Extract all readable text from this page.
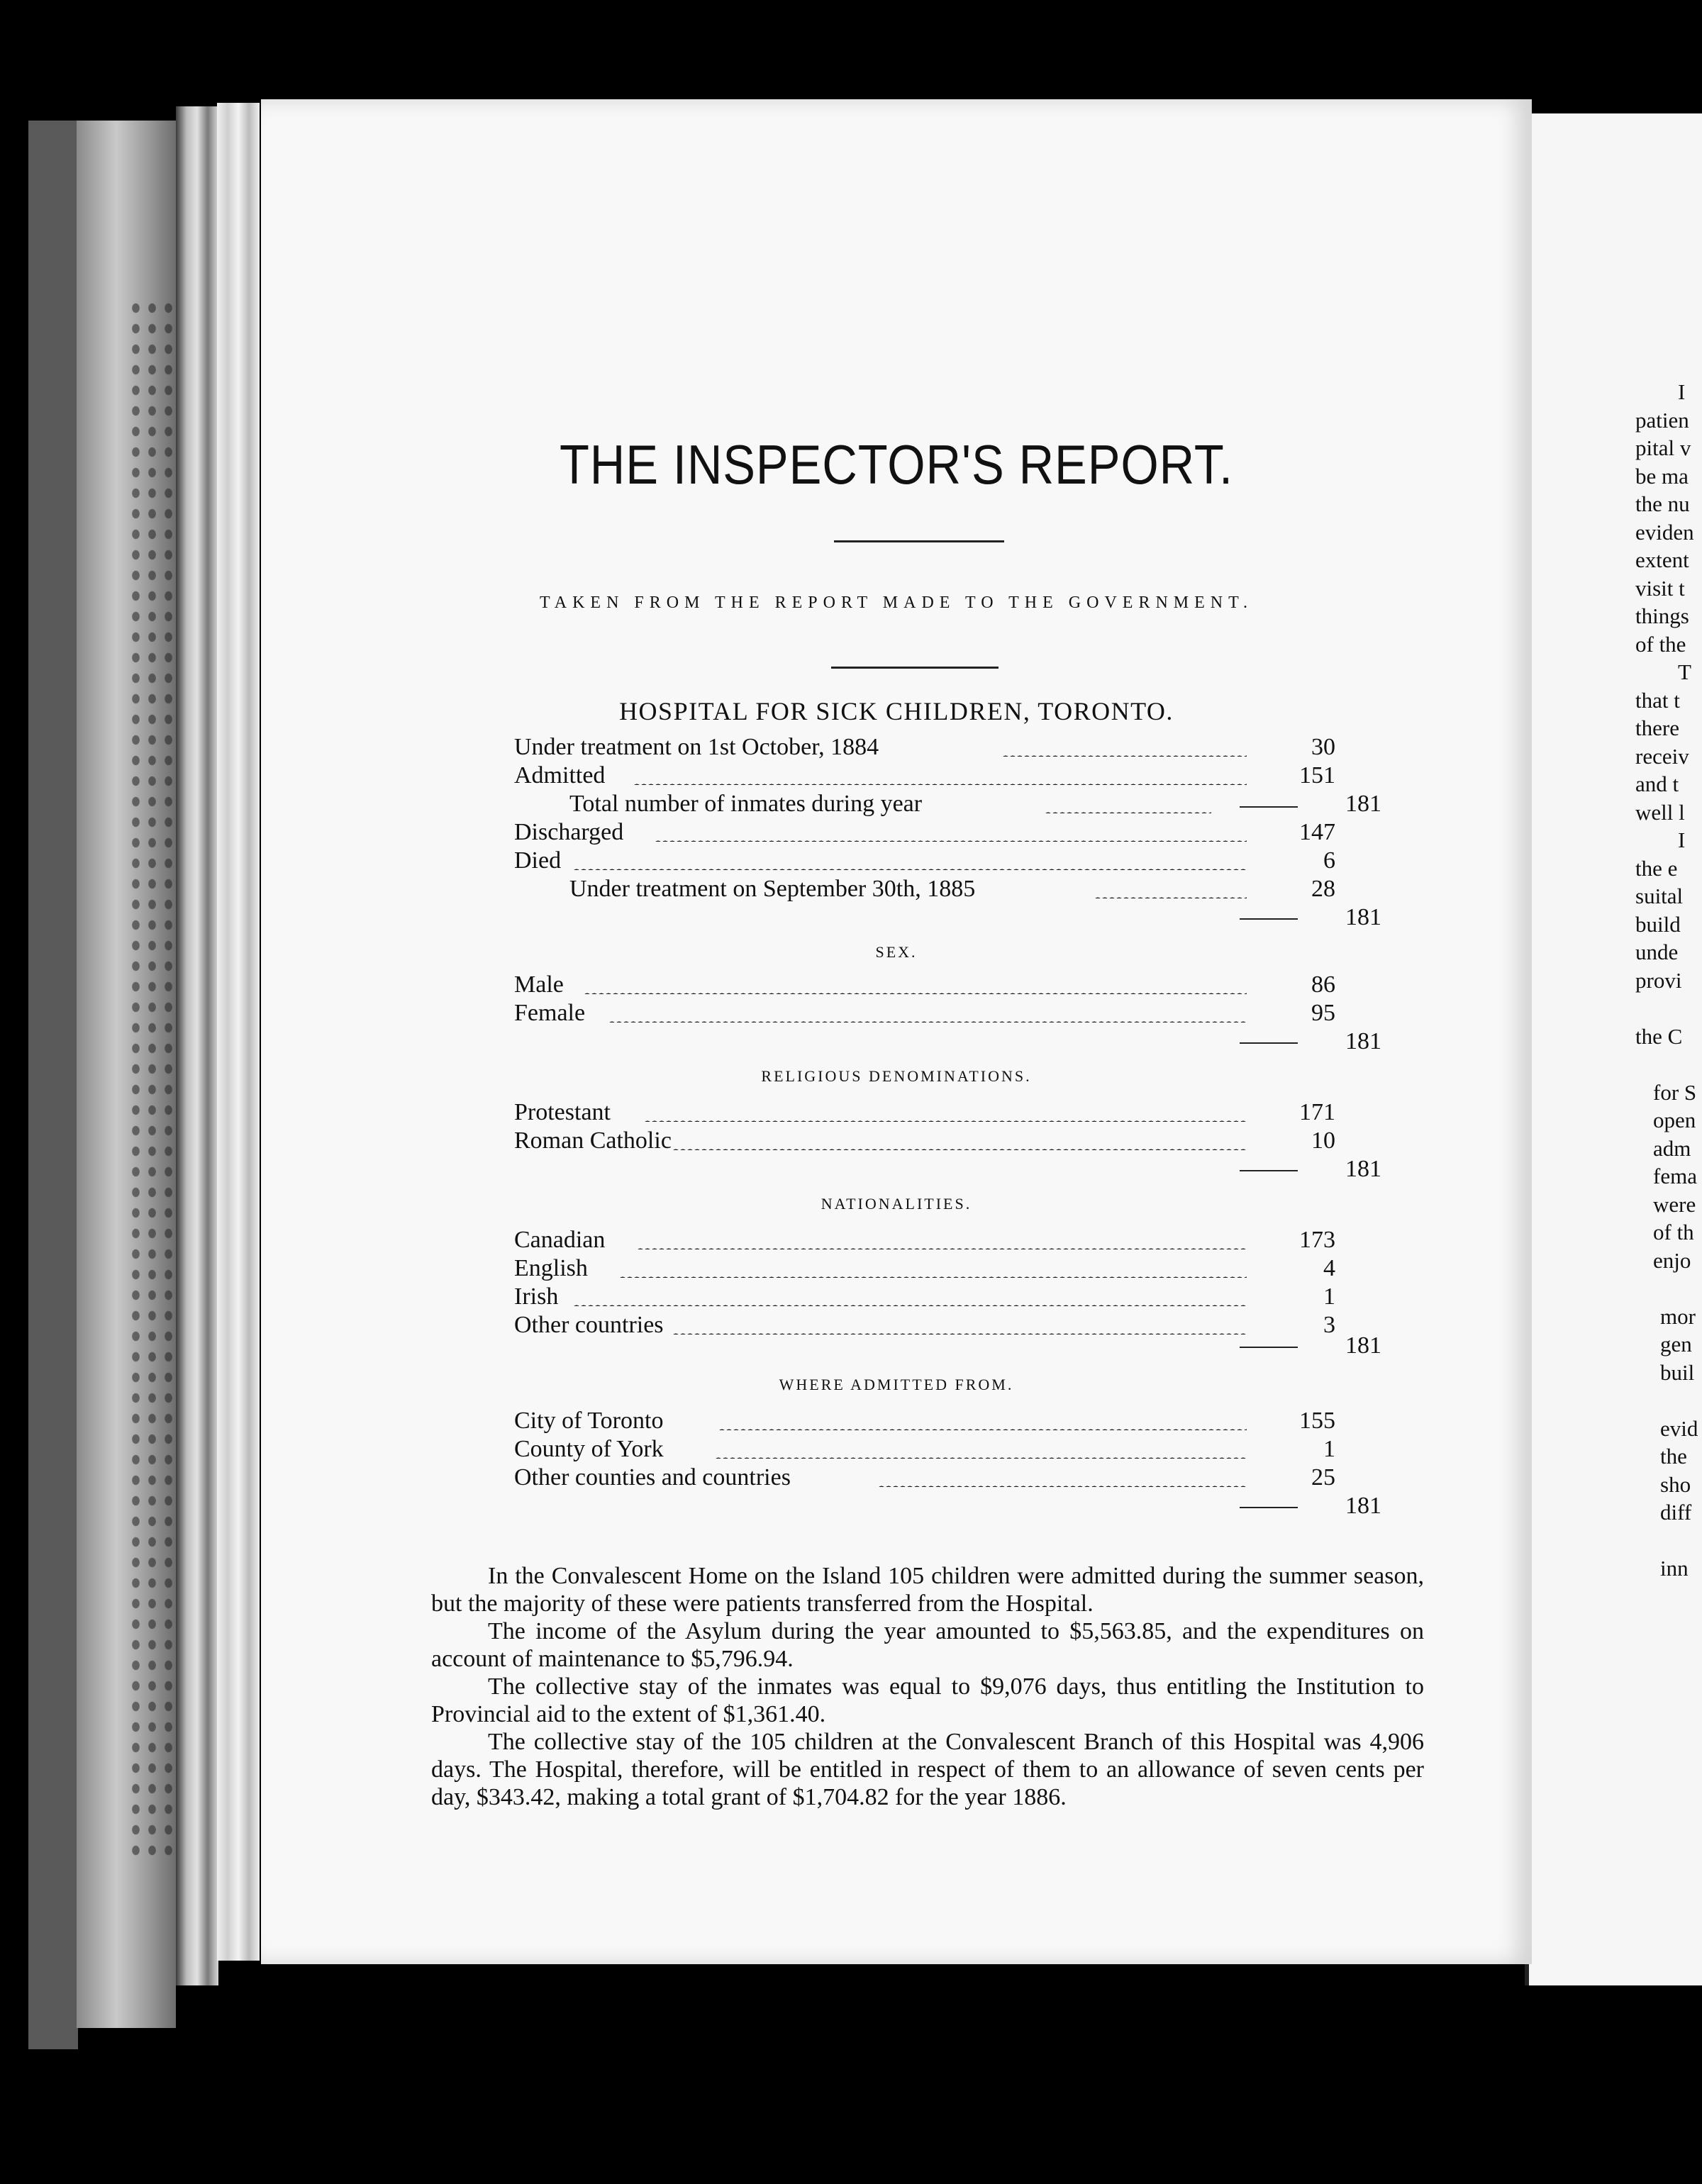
I
patien
pital v
be ma
the nu
eviden
extent
visit t
things
of the
T
that t
there
receiv
and t
well l
I
the e
suital
build
unde
provi
the C
for S
open
adm
fema
were
of th
enjo
mor
gen
buil
evid
the
sho
diff
inn
THE INSPECTOR'S REPORT.
TAKEN FROM THE REPORT MADE TO THE GOVERNMENT.
HOSPITAL FOR SICK CHILDREN, TORONTO.
Under treatment on 1st October, 1884	30
Admitted	151
Total number of inmates during year	181
Discharged	147
Died	6
Under treatment on September 30th, 1885	28
181
SEX.
Male	86
Female	95
181
RELIGIOUS DENOMINATIONS.
Protestant	171
Roman Catholic	10
181
NATIONALITIES.
Canadian	173
English	4
Irish	1
Other countries	3
181
WHERE ADMITTED FROM.
City of Toronto	155
County of York	1
Other counties and countries	25
181

In the Convalescent Home on the Island 105 children were admitted during the summer season, but the majority of these were patients transferred from the Hospital.

The income of the Asylum during the year amounted to $5,563.85, and the expenditures on account of maintenance to $5,796.94.

The collective stay of the inmates was equal to $9,076 days, thus entitling the Institution to Provincial aid to the extent of $1,361.40.

The collective stay of the 105 children at the Convalescent Branch of this Hospital was 4,906 days. The Hospital, therefore, will be entitled in respect of them to an allowance of seven cents per day, $343.42, making a total grant of $1,704.82 for the year 1886.
